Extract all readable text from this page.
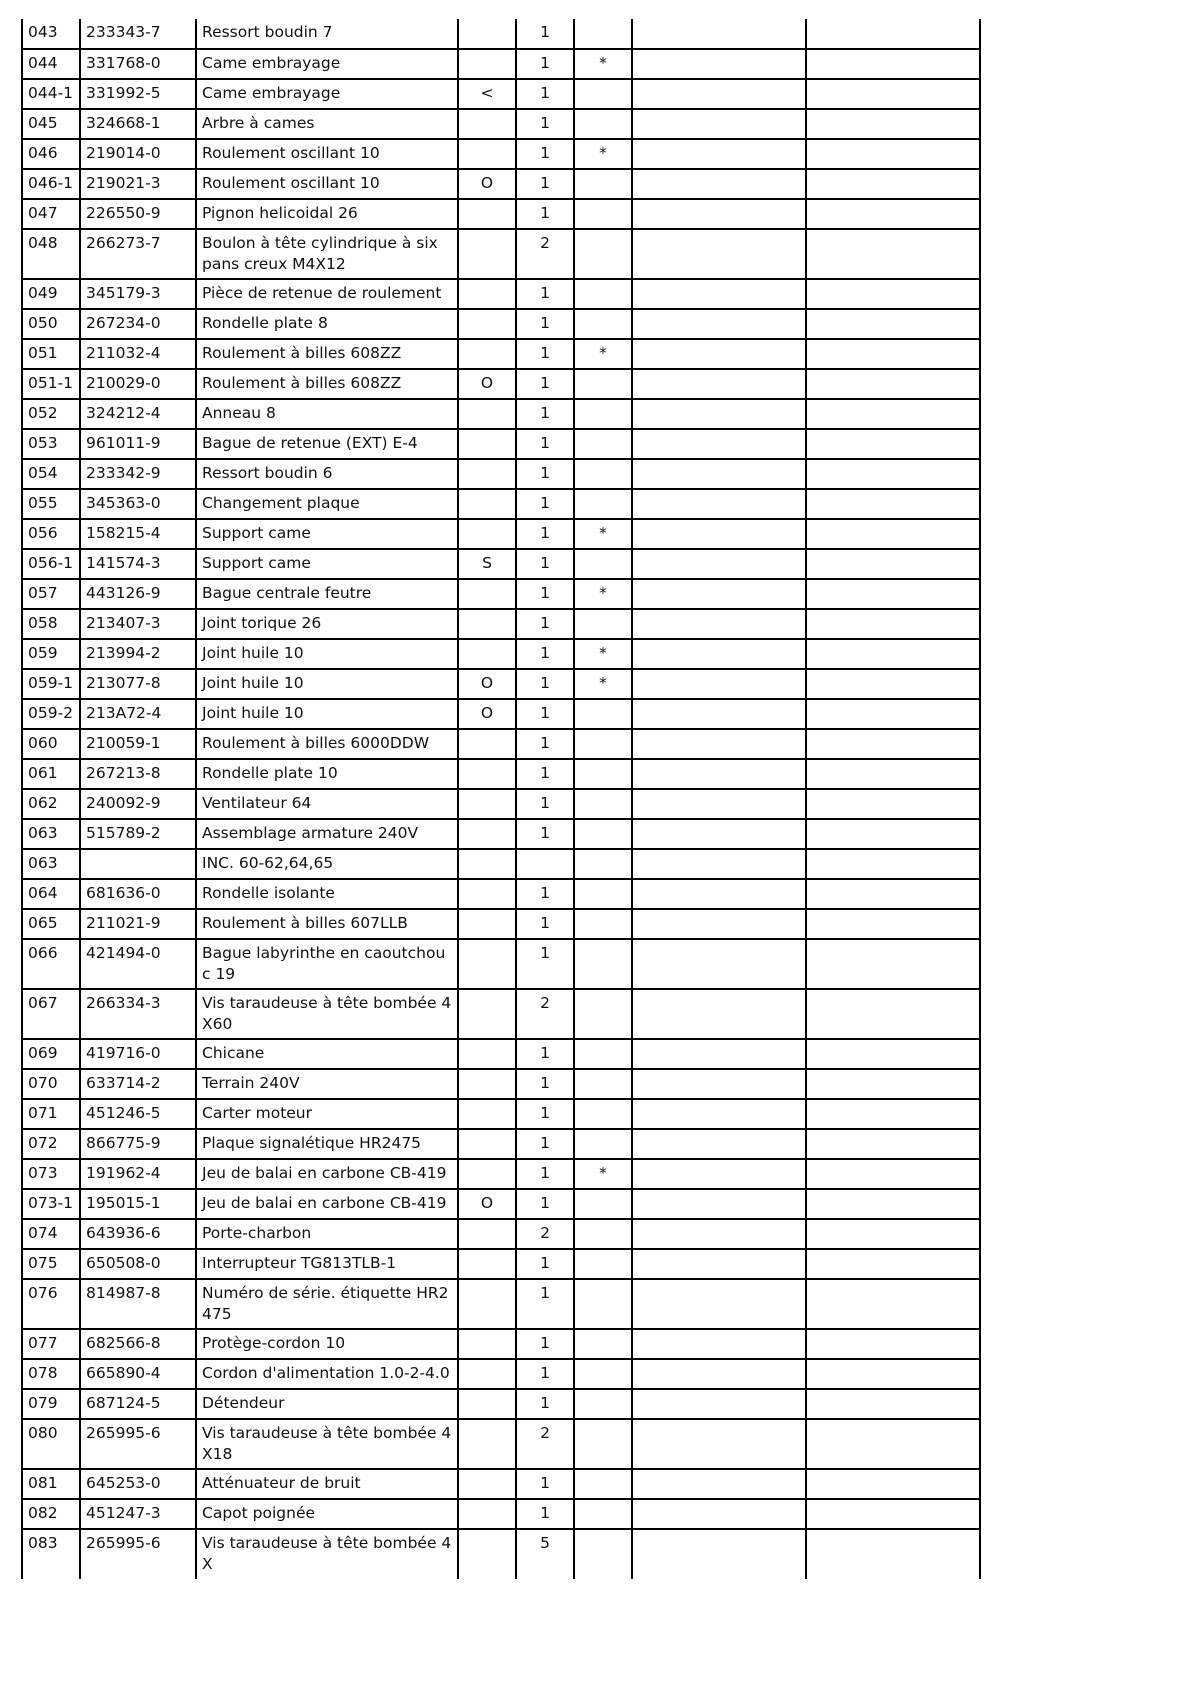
043	233343-7	Ressort boudin 7		1			
044	331768-0	Came embrayage		1	*		
044-1	331992-5	Came embrayage	<	1			
045	324668-1	Arbre à cames		1			
046	219014-0	Roulement oscillant 10		1	*		
046-1	219021-3	Roulement oscillant 10	O	1			
047	226550-9	Pignon helicoidal 26		1			
048	266273-7	Boulon à tête cylindrique à six pans creux M4X12		2			
049	345179-3	Pièce de retenue de roulement		1			
050	267234-0	Rondelle plate 8		1			
051	211032-4	Roulement à billes 608ZZ		1	*		
051-1	210029-0	Roulement à billes 608ZZ	O	1			
052	324212-4	Anneau 8		1			
053	961011-9	Bague de retenue (EXT) E-4		1			
054	233342-9	Ressort boudin 6		1			
055	345363-0	Changement plaque		1			
056	158215-4	Support came		1	*		
056-1	141574-3	Support came	S	1			
057	443126-9	Bague centrale feutre		1	*		
058	213407-3	Joint torique 26		1			
059	213994-2	Joint huile 10		1	*		
059-1	213077-8	Joint huile 10	O	1	*		
059-2	213A72-4	Joint huile 10	O	1			
060	210059-1	Roulement à billes 6000DDW		1			
061	267213-8	Rondelle plate 10		1			
062	240092-9	Ventilateur 64		1			
063	515789-2	Assemblage armature 240V		1			
063		INC. 60-62,64,65					
064	681636-0	Rondelle isolante		1			
065	211021-9	Roulement à billes 607LLB		1			
066	421494-0	Bague labyrinthe en caoutchouc 19		1			
067	266334-3	Vis taraudeuse à tête bombée 4X60		2			
069	419716-0	Chicane		1			
070	633714-2	Terrain 240V		1			
071	451246-5	Carter moteur		1			
072	866775-9	Plaque signalétique HR2475		1			
073	191962-4	Jeu de balai en carbone CB-419		1	*		
073-1	195015-1	Jeu de balai en carbone CB-419	O	1			
074	643936-6	Porte-charbon		2			
075	650508-0	Interrupteur TG813TLB-1		1			
076	814987-8	Numéro de série. étiquette HR2475		1			
077	682566-8	Protège-cordon 10		1			
078	665890-4	Cordon d'alimentation 1.0-2-4.0		1			
079	687124-5	Détendeur		1			
080	265995-6	Vis taraudeuse à tête bombée 4X18		2			
081	645253-0	Atténuateur de bruit		1			
082	451247-3	Capot poignée		1			
083	265995-6	Vis taraudeuse à tête bombée 4X		5			
